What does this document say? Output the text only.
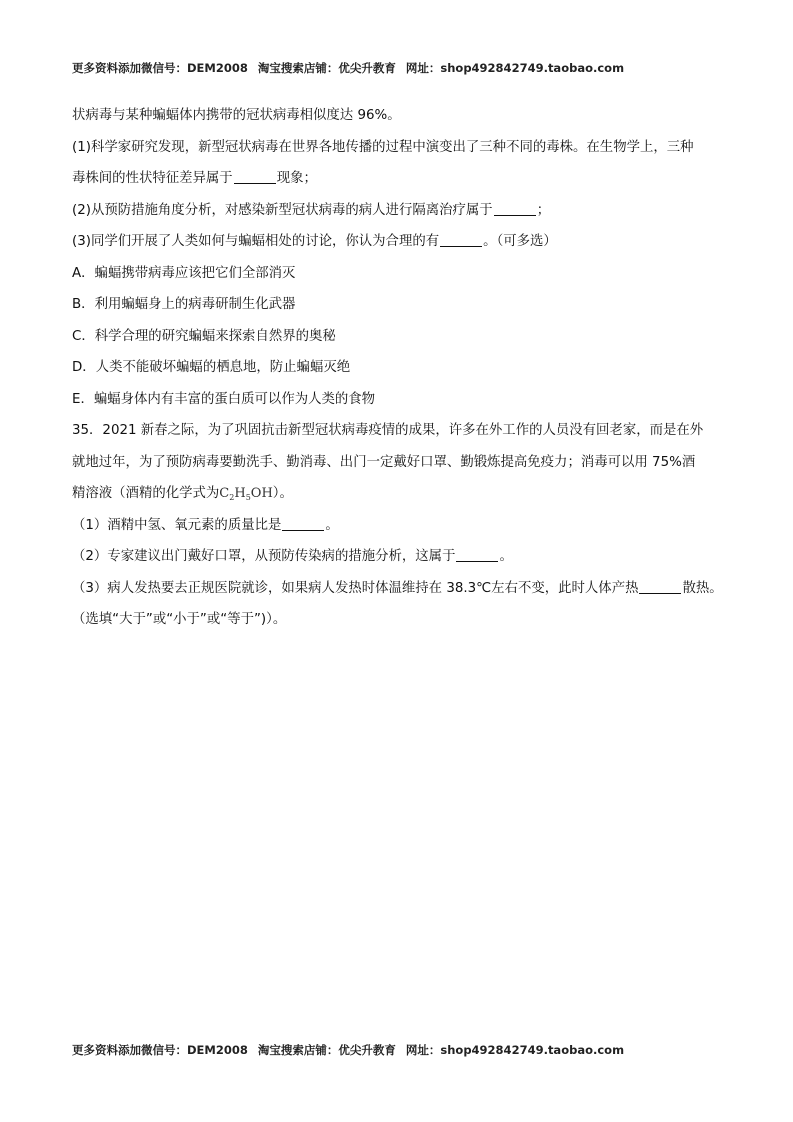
更多资料添加微信号：DEM2008 淘宝搜索店铺：优尖升教育 网址：shop492842749.taobao.com
状病毒与某种蝙蝠体内携带的冠状病毒相似度达 96%。
(1)科学家研究发现，新型冠状病毒在世界各地传播的过程中演变出了三种不同的毒株。在生物学上，三种
毒株间的性状特征差异属于	现象；
(2)从预防措施角度分析，对感染新型冠状病毒的病人进行隔离治疗属于	；
(3)同学们开展了人类如何与蝙蝠相处的讨论，你认为合理的有	。（可多选）
A．蝙蝠携带病毒应该把它们全部消灭
B．利用蝙蝠身上的病毒研制生化武器
C．科学合理的研究蝙蝠来探索自然界的奥秘
D．人类不能破坏蝙蝠的栖息地，防止蝙蝠灭绝
E．蝙蝠身体内有丰富的蛋白质可以作为人类的食物
35．2021 新春之际，为了巩固抗击新型冠状病毒疫情的成果，许多在外工作的人员没有回老家，而是在外
就地过年，为了预防病毒要勤洗手、勤消毒、出门一定戴好口罩、勤锻炼提高免疫力；消毒可以用 75%酒
精溶液（酒精的化学式为$C_2H_5OH$）。
（1）酒精中氢、氧元素的质量比是	。
（2）专家建议出门戴好口罩，从预防传染病的措施分析，这属于	。
（3）病人发热要去正规医院就诊，如果病人发热时体温维持在 38.3℃左右不变，此时人体产热	散热。
（选填“大于”或“小于”或“等于”)）。
更多资料添加微信号：DEM2008 淘宝搜索店铺：优尖升教育 网址：shop492842749.taobao.com
